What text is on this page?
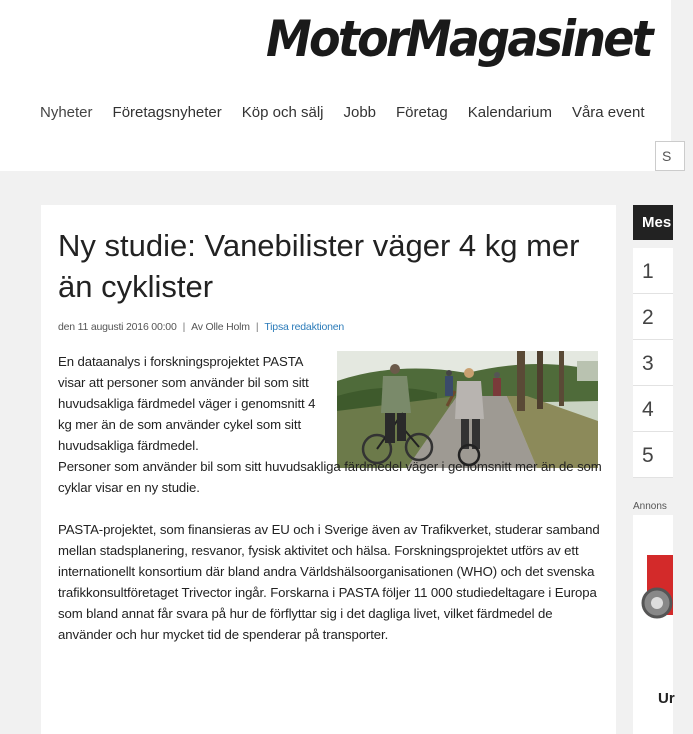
MotorMagasinet
Nyheter Företagsnyheter Köp och sälj Jobb Företag Kalendarium Våra event
S
Ny studie: Vanebilister väger 4 kg mer än cyklister
den 11 augusti 2016 00:00 | Av Olle Holm | Tipsa redaktionen

En dataanalys i forskningsprojektet PASTA visar att personer som använder bil som sitt huvudsakliga färdmedel väger i genomsnitt 4 kg mer än de som använder cykel som sitt huvudsakliga färdmedel.

Personer som använder bil som sitt huvudsakliga färdmedel väger i genomsnitt mer än de som cyklar visar en ny studie.

PASTA-projektet, som finansieras av EU och i Sverige även av Trafikverket, studerar samband mellan stadsplanering, resvanor, fysisk aktivitet och hälsa. Forskningsprojektet utförs av ett internationellt konsortium där bland andra Världshälsoorganisationen (WHO) och det svenska trafikkonsultföretaget Trivector ingår. Forskarna i PASTA följer 11 000 studiedeltagare i Europa som bland annat får svara på hur de förflyttar sig i det dagliga livet, vilket färdmedel de använder och hur mycket tid de spenderar på transporter.

Mes
1
2
3
4
5
Annons
Ur
